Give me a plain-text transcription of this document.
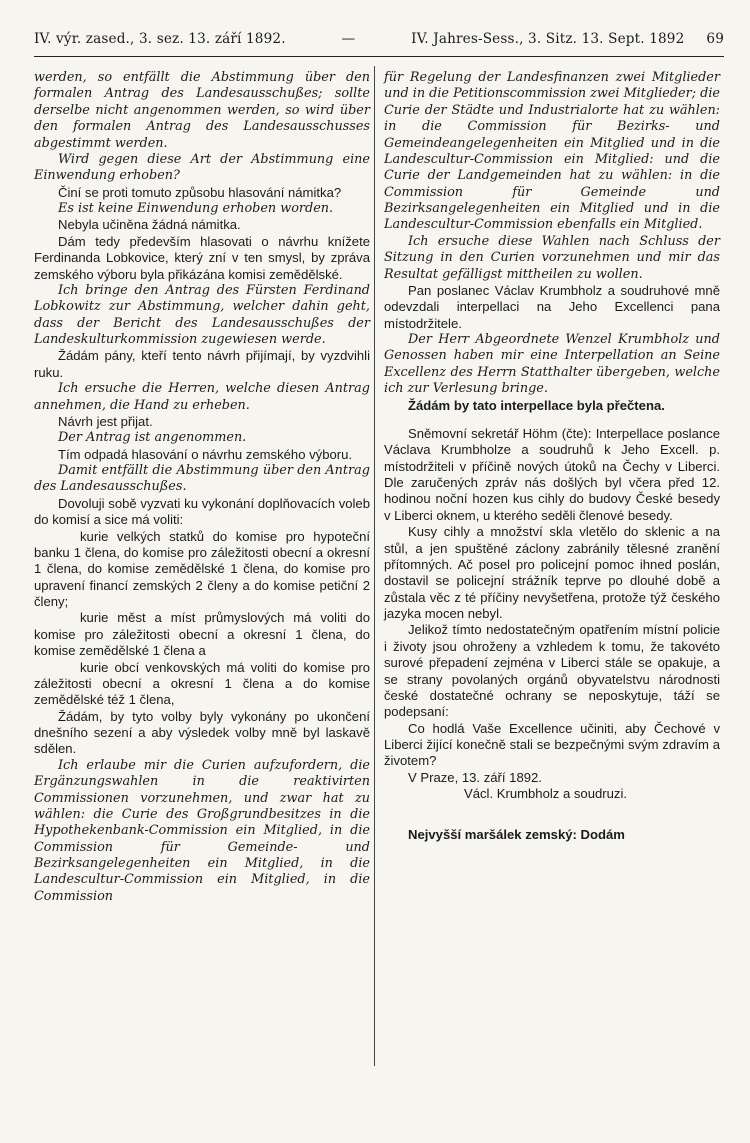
IV. výr. zased., 3. sez. 13. září 1892.	—	IV. Jahres-Sess., 3. Sitz. 13. Sept. 1892 69

werden, so entfällt die Abstimmung über den formalen Antrag des Landesausschußes; sollte derselbe nicht angenommen werden, so wird über den formalen Antrag des Landesausschusses abgestimmt werden.

Wird gegen diese Art der Abstimmung eine Einwendung erhoben?

Činí se proti tomuto způsobu hlasování námitka?

Es ist keine Einwendung erhoben worden.

Nebyla učiněna žádná námitka.

Dám tedy především hlasovati o návrhu knížete Ferdinanda Lobkovice, který zní v ten smysl, by zpráva zemského výboru byla přikázána komisi zemědělské.

Ich bringe den Antrag des Fürsten Ferdinand Lobkowitz zur Abstimmung, welcher dahin geht, dass der Bericht des Landesausschußes der Landeskulturkommission zugewiesen werde.

Žádám pány, kteří tento návrh přijímají, by vyzdvihli ruku.

Ich ersuche die Herren, welche diesen Antrag annehmen, die Hand zu erheben.

Návrh jest přijat.

Der Antrag ist angenommen.

Tím odpadá hlasování o návrhu zemského výboru.

Damit entfällt die Abstimmung über den Antrag des Landesausschußes.

Dovoluji sobě vyzvati ku vykonání doplňovacích voleb do komisí a sice má voliti:

kurie velkých statků do komise pro hypoteční banku 1 člena, do komise pro záležitosti obecní a okresní 1 člena, do komise zemědělské 1 člena, do komise pro upravení financí zemských 2 členy a do komise petiční 2 členy;

kurie měst a míst průmyslových má voliti do komise pro záležitosti obecní a okresní 1 člena, do komise zemědělské 1 člena a

kurie obcí venkovských má voliti do komise pro záležitosti obecní a okresní 1 člena a do komise zemědělské též 1 člena,

Žádám, by tyto volby byly vykonány po ukončení dnešního sezení a aby výsledek volby mně byl laskavě sdělen.

Ich erlaube mir die Curien aufzufordern, die Ergänzungswahlen in die reaktivirten Commissionen vorzunehmen, und zwar hat zu wählen: die Curie des Großgrundbesitzes in die Hypothekenbank-Commission ein Mitglied, in die Commission für Gemeinde- und Bezirksangelegenheiten ein Mitglied, in die Landescultur-Commission ein Mitglied, in die Commission

für Regelung der Landesfinanzen zwei Mitglieder und in die Petitionscommission zwei Mitglieder; die Curie der Städte und Industrialorte hat zu wählen: in die Commission für Bezirks- und Gemeindeangelegenheiten ein Mitglied und in die Landescultur-Commission ein Mitglied: und die Curie der Landgemeinden hat zu wählen: in die Commission für Gemeinde und Bezirksangelegenheiten ein Mitglied und in die Landescultur-Commission ebenfalls ein Mitglied.

Ich ersuche diese Wahlen nach Schluss der Sitzung in den Curien vorzunehmen und mir das Resultat gefälligst mittheilen zu wollen.

Pan poslanec Václav Krumbholz a soudruhové mně odevzdali interpellaci na Jeho Excellenci pana místodržitele.

Der Herr Abgeordnete Wenzel Krumbholz und Genossen haben mir eine Interpellation an Seine Excellenz des Herrn Statthalter übergeben, welche ich zur Verlesung bringe.

Žádám by tato interpellace byla přečtena.

Sněmovní sekretář Höhm (čte): Interpellace poslance Václava Krumbholze a soudruhů k Jeho Excell. p. místodržiteli v příčině nových útoků na Čechy v Liberci. Dle zaručených zpráv nás došlých byl včera před 12. hodinou noční hozen kus cihly do budovy České besedy v Liberci oknem, u kterého seděli členové besedy.

Kusy cihly a množství skla vletělo do sklenic a na stůl, a jen spuštěné záclony zabránily tělesné zranění přítomných. Ač posel pro policejní pomoc ihned poslán, dostavil se policejní strážník teprve po dlouhé době a zůstala věc z té příčiny nevyšetřena, protože týž českého jazyka mocen nebyl.

Jelikož tímto nedostatečným opatřením místní policie i životy jsou ohroženy a vzhledem k tomu, že takovéto surové přepadení zejména v Liberci stále se opakuje, a se strany povolaných orgánů obyvatelstvu národnosti české dostatečné ochrany se neposkytuje, táží se podepsaní:

Co hodlá Vaše Excellence učiniti, aby Čechové v Liberci žijící konečně stali se bezpečnými svým zdravím a životem?

V Praze, 13. září 1892.

Václ. Krumbholz a soudruzi.

Nejvyšší maršálek zemský: Dodám
